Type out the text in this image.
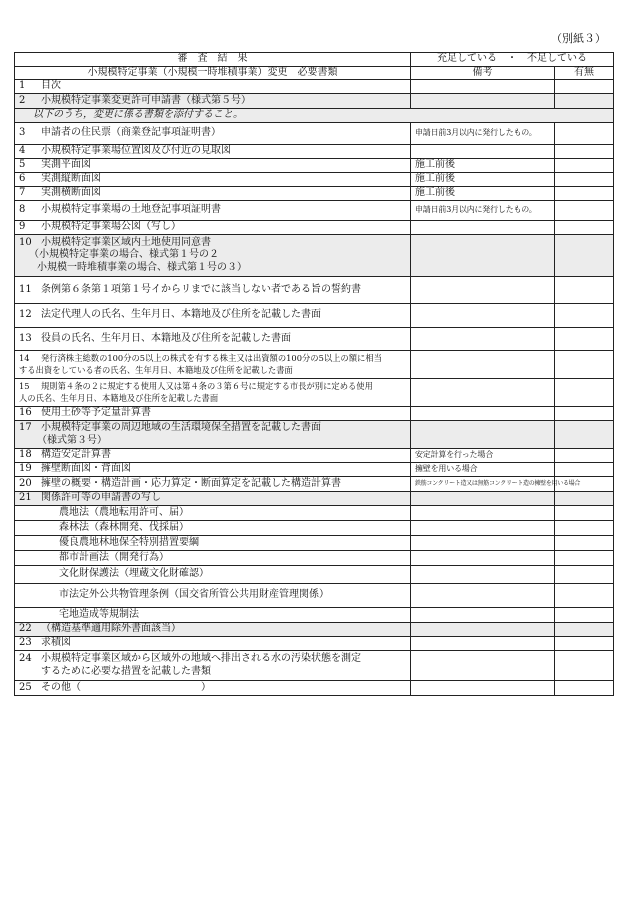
（別紙３）
審　査　結　果	充足している　・　不足している	
小規模特定事業（小規模一時堆積事業）変更　必要書類	備考	有無
1 目次		
2 小規模特定事業変更許可申請書（様式第５号）		
以下のうち，変更に係る書類を添付すること。		
3 申請者の住民票（商業登記事項証明書）	申請日前3月以内に発行したもの。	
4 小規模特定事業場位置図及び付近の見取図		
5 実測平面図	施工前後	
6 実測縦断面図	施工前後	
7 実測横断面図	施工前後	
8 小規模特定事業場の土地登記事項証明書	申請日前3月以内に発行したもの。	
9 小規模特定事業場公図（写し）		

10 小規模特定事業区域内土地使用同意書
（小規模特定事業の場合、様式第１号の２
小規模一時堆積事業の場合、様式第１号の３）		

11 条例第６条第１項第１号イからリまでに該当しない者である旨の誓約書		
12 法定代理人の氏名、生年月日、本籍地及び住所を記載した書面		
13 役員の氏名、生年月日、本籍地及び住所を記載した書面		

14 発行済株主総数の100分の5以上の株式を有する株主又は出資額の100分の5以上の額に相当
する出資をしている者の氏名、生年月日、本籍地及び住所を記載した書面		

15 規則第４条の２に規定する使用人又は第４条の３第６号に規定する市長が別に定める使用
人の氏名、生年月日、本籍地及び住所を記載した書面		

16 使用土砂等予定量計算書		

17 小規模特定事業の周辺地域の生活環境保全措置を記載した書面
（様式第３号）		

18 構造安定計算書	安定計算を行った場合	
19 擁壁断面図・背面図	擁壁を用いる場合	
20 擁壁の概要・構造計画・応力算定・断面算定を記載した構造計算書	鉄筋コンクリート造又は無筋コンクリート造の擁壁を用いる場合	
21 関係許可等の申請書の写し		
農地法（農地転用許可、届）		
森林法（森林開発、伐採届）		
優良農地林地保全特別措置要綱		
都市計画法（開発行為）		
文化財保護法（埋蔵文化財確認）		
市法定外公共物管理条例（国交省所管公共用財産管理関係）		
宅地造成等規制法		
22 （構造基準適用除外書面該当）		
23 求積図		

24 小規模特定事業区域から区域外の地域へ排出される水の汚染状態を測定
するために必要な措置を記載した書類		

25 その他（　　　　　　　　　　　　）		
